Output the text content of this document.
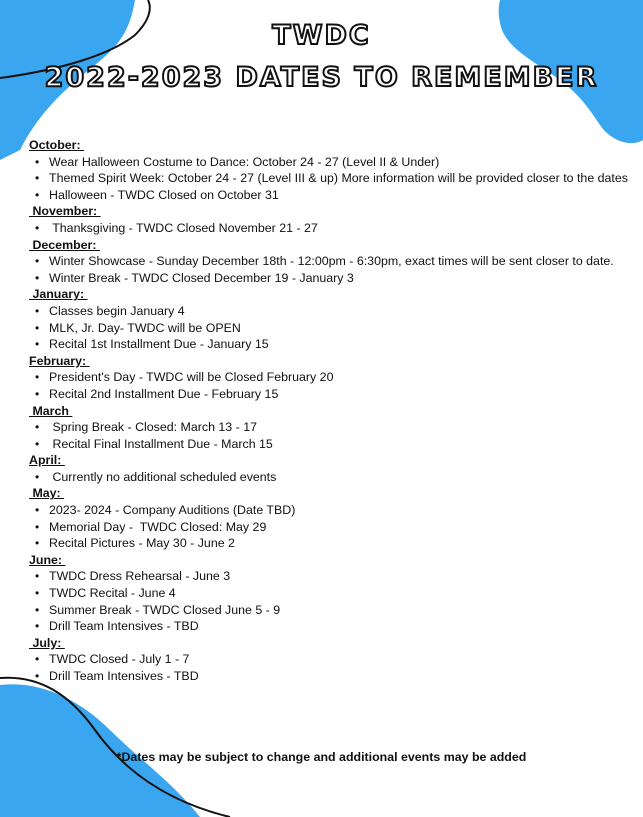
TWDC
2022-2023 DATES TO REMEMBER
October:
• Wear Halloween Costume to Dance: October 24 - 27 (Level II & Under)
• Themed Spirit Week: October 24 - 27 (Level III & up) More information will be provided closer to the dates
• Halloween - TWDC Closed on October 31
November:
•  Thanksgiving - TWDC Closed November 21 - 27
December:
• Winter Showcase - Sunday December 18th - 12:00pm - 6:30pm, exact times will be sent closer to date.
• Winter Break - TWDC Closed December 19 - January 3
January:
• Classes begin January 4
• MLK, Jr. Day- TWDC will be OPEN
• Recital 1st Installment Due - January 15
February:
• President's Day - TWDC will be Closed February 20
• Recital 2nd Installment Due - February 15
March
•  Spring Break - Closed: March 13 - 17
•  Recital Final Installment Due - March 15
April:
•  Currently no additional scheduled events
May:
• 2023- 2024 - Company Auditions (Date TBD)
• Memorial Day -  TWDC Closed: May 29
• Recital Pictures - May 30 - June 2
June:
• TWDC Dress Rehearsal - June 3
• TWDC Recital - June 4
• Summer Break - TWDC Closed June 5 - 9
• Drill Team Intensives - TBD
July:
• TWDC Closed - July 1 - 7
• Drill Team Intensives - TBD
*Dates may be subject to change and additional events may be added
